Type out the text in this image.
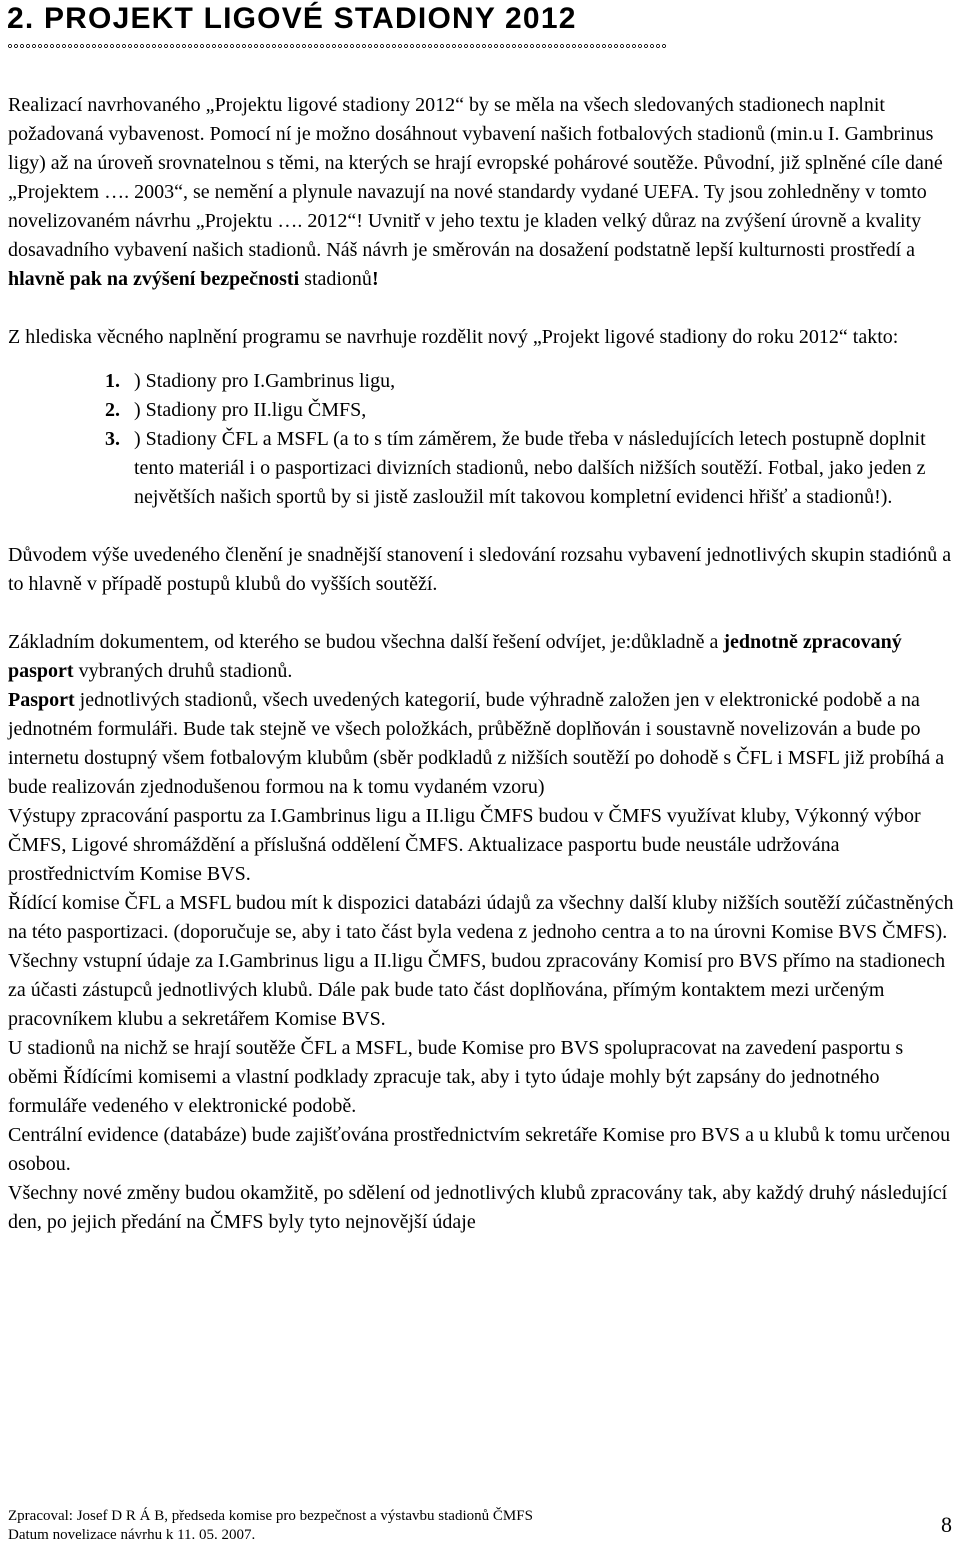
2. PROJEKT LIGOVÉ STADIONY 2012

Realizací navrhovaného „Projektu ligové stadiony 2012“ by se měla na všech sledovaných stadionech naplnit požadovaná vybavenost. Pomocí ní je možno dosáhnout vybavení našich fotbalových stadionů (min.u I. Gambrinus ligy) až na úroveň srovnatelnou s těmi, na kterých se hrají evropské pohárové soutěže. Původní, již splněné cíle dané „Projektem …. 2003“, se nemění a plynule navazují na nové standardy vydané UEFA. Ty jsou zohledněny v tomto novelizovaném návrhu „Projektu …. 2012“! Uvnitř v jeho textu je kladen velký důraz na zvýšení úrovně a kvality dosavadního vybavení našich stadionů. Náš návrh je směrován na dosažení podstatně lepší kulturnosti prostředí a hlavně pak na zvýšení bezpečnosti stadionů!

Z hlediska věcného naplnění programu se navrhuje rozdělit nový „Projekt ligové stadiony do roku 2012“ takto:

1. ) Stadiony pro I.Gambrinus ligu,
2. ) Stadiony pro II.ligu ČMFS,
3. ) Stadiony ČFL a MSFL (a to s tím záměrem, že bude třeba v následujících letech postupně doplnit tento materiál i o pasportizaci divizních stadionů, nebo dalších nižších soutěží. Fotbal, jako jeden z největších našich sportů by si jistě zasloužil mít takovou kompletní evidenci hřišť a stadionů!).

Důvodem výše uvedeného členění je snadnější stanovení i sledování rozsahu vybavení jednotlivých skupin stadiónů a to hlavně v případě postupů klubů do vyšších soutěží.

Základním dokumentem, od kterého se budou všechna další řešení odvíjet, je:důkladně a jednotně zpracovaný pasport vybraných druhů stadionů.

Pasport jednotlivých stadionů, všech uvedených kategorií, bude výhradně založen jen v elektronické podobě a na jednotném formuláři. Bude tak stejně ve všech položkách, průběžně doplňován i soustavně novelizován a bude po internetu dostupný všem fotbalovým klubům (sběr podkladů z nižších soutěží po dohodě s ČFL i MSFL již probíhá a bude realizován zjednodušenou formou na k tomu vydaném vzoru)

Výstupy zpracování pasportu za I.Gambrinus ligu a II.ligu ČMFS budou v ČMFS využívat kluby, Výkonný výbor ČMFS, Ligové shromáždění a příslušná oddělení ČMFS. Aktualizace pasportu bude neustále udržována prostřednictvím Komise BVS.

Řídící komise ČFL a MSFL budou mít k dispozici databázi údajů za všechny další kluby nižších soutěží zúčastněných na této pasportizaci. (doporučuje se, aby i tato část byla vedena z jednoho centra a to na úrovni Komise BVS ČMFS).

Všechny vstupní údaje za I.Gambrinus ligu a II.ligu ČMFS, budou zpracovány Komisí pro BVS přímo na stadionech za účasti zástupců jednotlivých klubů. Dále pak bude tato část doplňována, přímým kontaktem mezi určeným pracovníkem klubu a sekretářem Komise BVS.

U stadionů na nichž se hrají soutěže ČFL a MSFL, bude Komise pro BVS spolupracovat na zavedení pasportu s oběmi Řídícími komisemi a vlastní podklady zpracuje tak, aby i tyto údaje mohly být zapsány do jednotného formuláře vedeného v elektronické podobě.

Centrální evidence (databáze) bude zajišťována prostřednictvím sekretáře Komise pro BVS a u klubů k tomu určenou osobou.

Všechny nové změny budou okamžitě, po sdělení od jednotlivých klubů zpracovány tak, aby každý druhý následující den, po jejich předání na ČMFS byly tyto nejnovější údaje

Zpracoval: Josef D R Á B, předseda komise pro bezpečnost a výstavbu stadionů ČMFS
Datum novelizace návrhu k 11. 05. 2007.	8
